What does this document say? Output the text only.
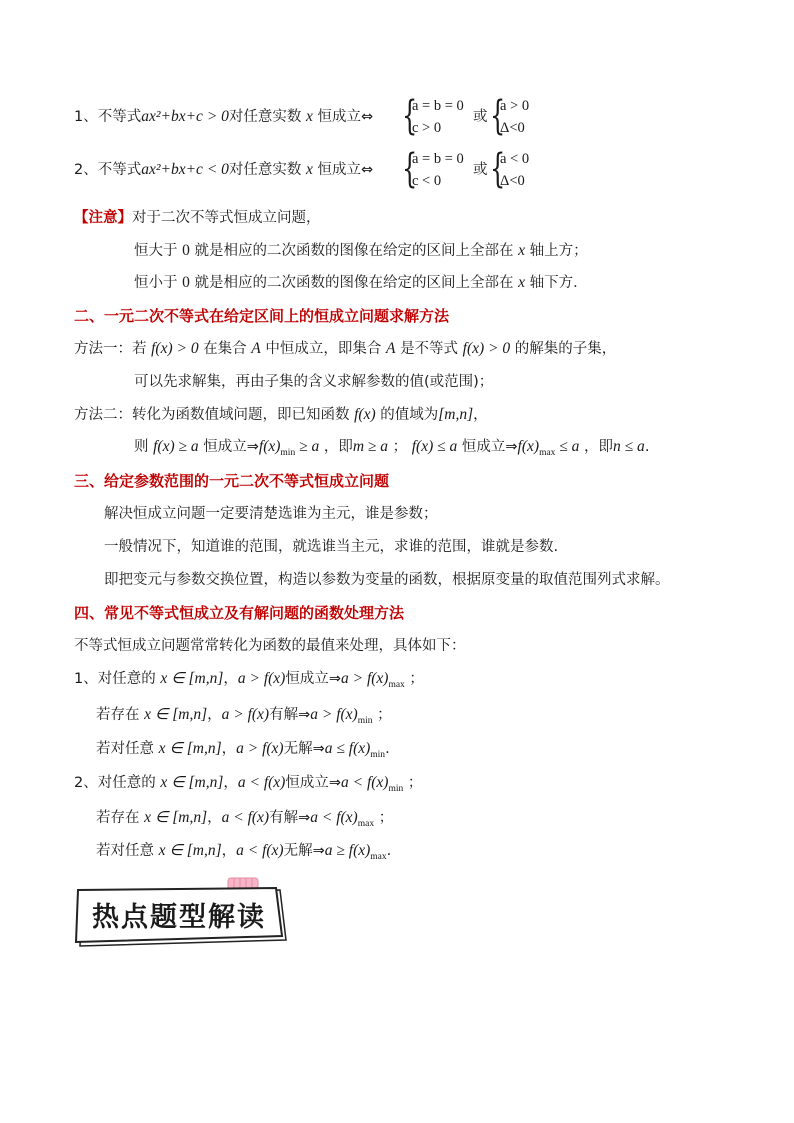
1、不等式ax²+bx+c > 0对任意实数 x 恒成立⇔ {
a = b = 0
c > 0
或 {
a > 0
Δ<0
2、不等式ax²+bx+c < 0对任意实数 x 恒成立⇔ {
a = b = 0
c < 0
或 {
a < 0
Δ<0
【注意】对于二次不等式恒成立问题，
恒大于 0 就是相应的二次函数的图像在给定的区间上全部在 x 轴上方；
恒小于 0 就是相应的二次函数的图像在给定的区间上全部在 x 轴下方．
二、一元二次不等式在给定区间上的恒成立问题求解方法
方法一：若 f(x) > 0 在集合 A 中恒成立，即集合 A 是不等式 f(x) > 0 的解集的子集，
可以先求解集，再由子集的含义求解参数的值(或范围)；
方法二：转化为函数值域问题，即已知函数 f(x) 的值域为[m,n]，
则 f(x) ≥ a 恒成立$\Rightarrow f(x)_{min} \ge a$ ，即m ≥ a ； f(x) ≤ a 恒成立$\Rightarrow f(x)_{max} \le a$ ，即n ≤ a.
三、给定参数范围的一元二次不等式恒成立问题
解决恒成立问题一定要清楚选谁为主元，谁是参数；
一般情况下，知道谁的范围，就选谁当主元，求谁的范围，谁就是参数.
即把变元与参数交换位置，构造以参数为变量的函数，根据原变量的取值范围列式求解。
四、常见不等式恒成立及有解问题的函数处理方法
不等式恒成立问题常常转化为函数的最值来处理，具体如下：
1、对任意的 x ∈ [m,n]，a > f(x)恒成立⇒a > $f(x)_{max}$ ；
若存在 x ∈ [m,n]，a > f(x)有解⇒a > $f(x)_{min}$ ；
若对任意 x ∈ [m,n]，a > f(x)无解⇒a ≤ $f(x)_{min}$.
2、对任意的 x ∈ [m,n]，a < f(x)恒成立⇒a < $f(x)_{min}$ ；
若存在 x ∈ [m,n]，a < f(x)有解⇒a < $f(x)_{max}$ ；
若对任意 x ∈ [m,n]，a < f(x)无解⇒a ≥ $f(x)_{max}$.
热点题型解读
